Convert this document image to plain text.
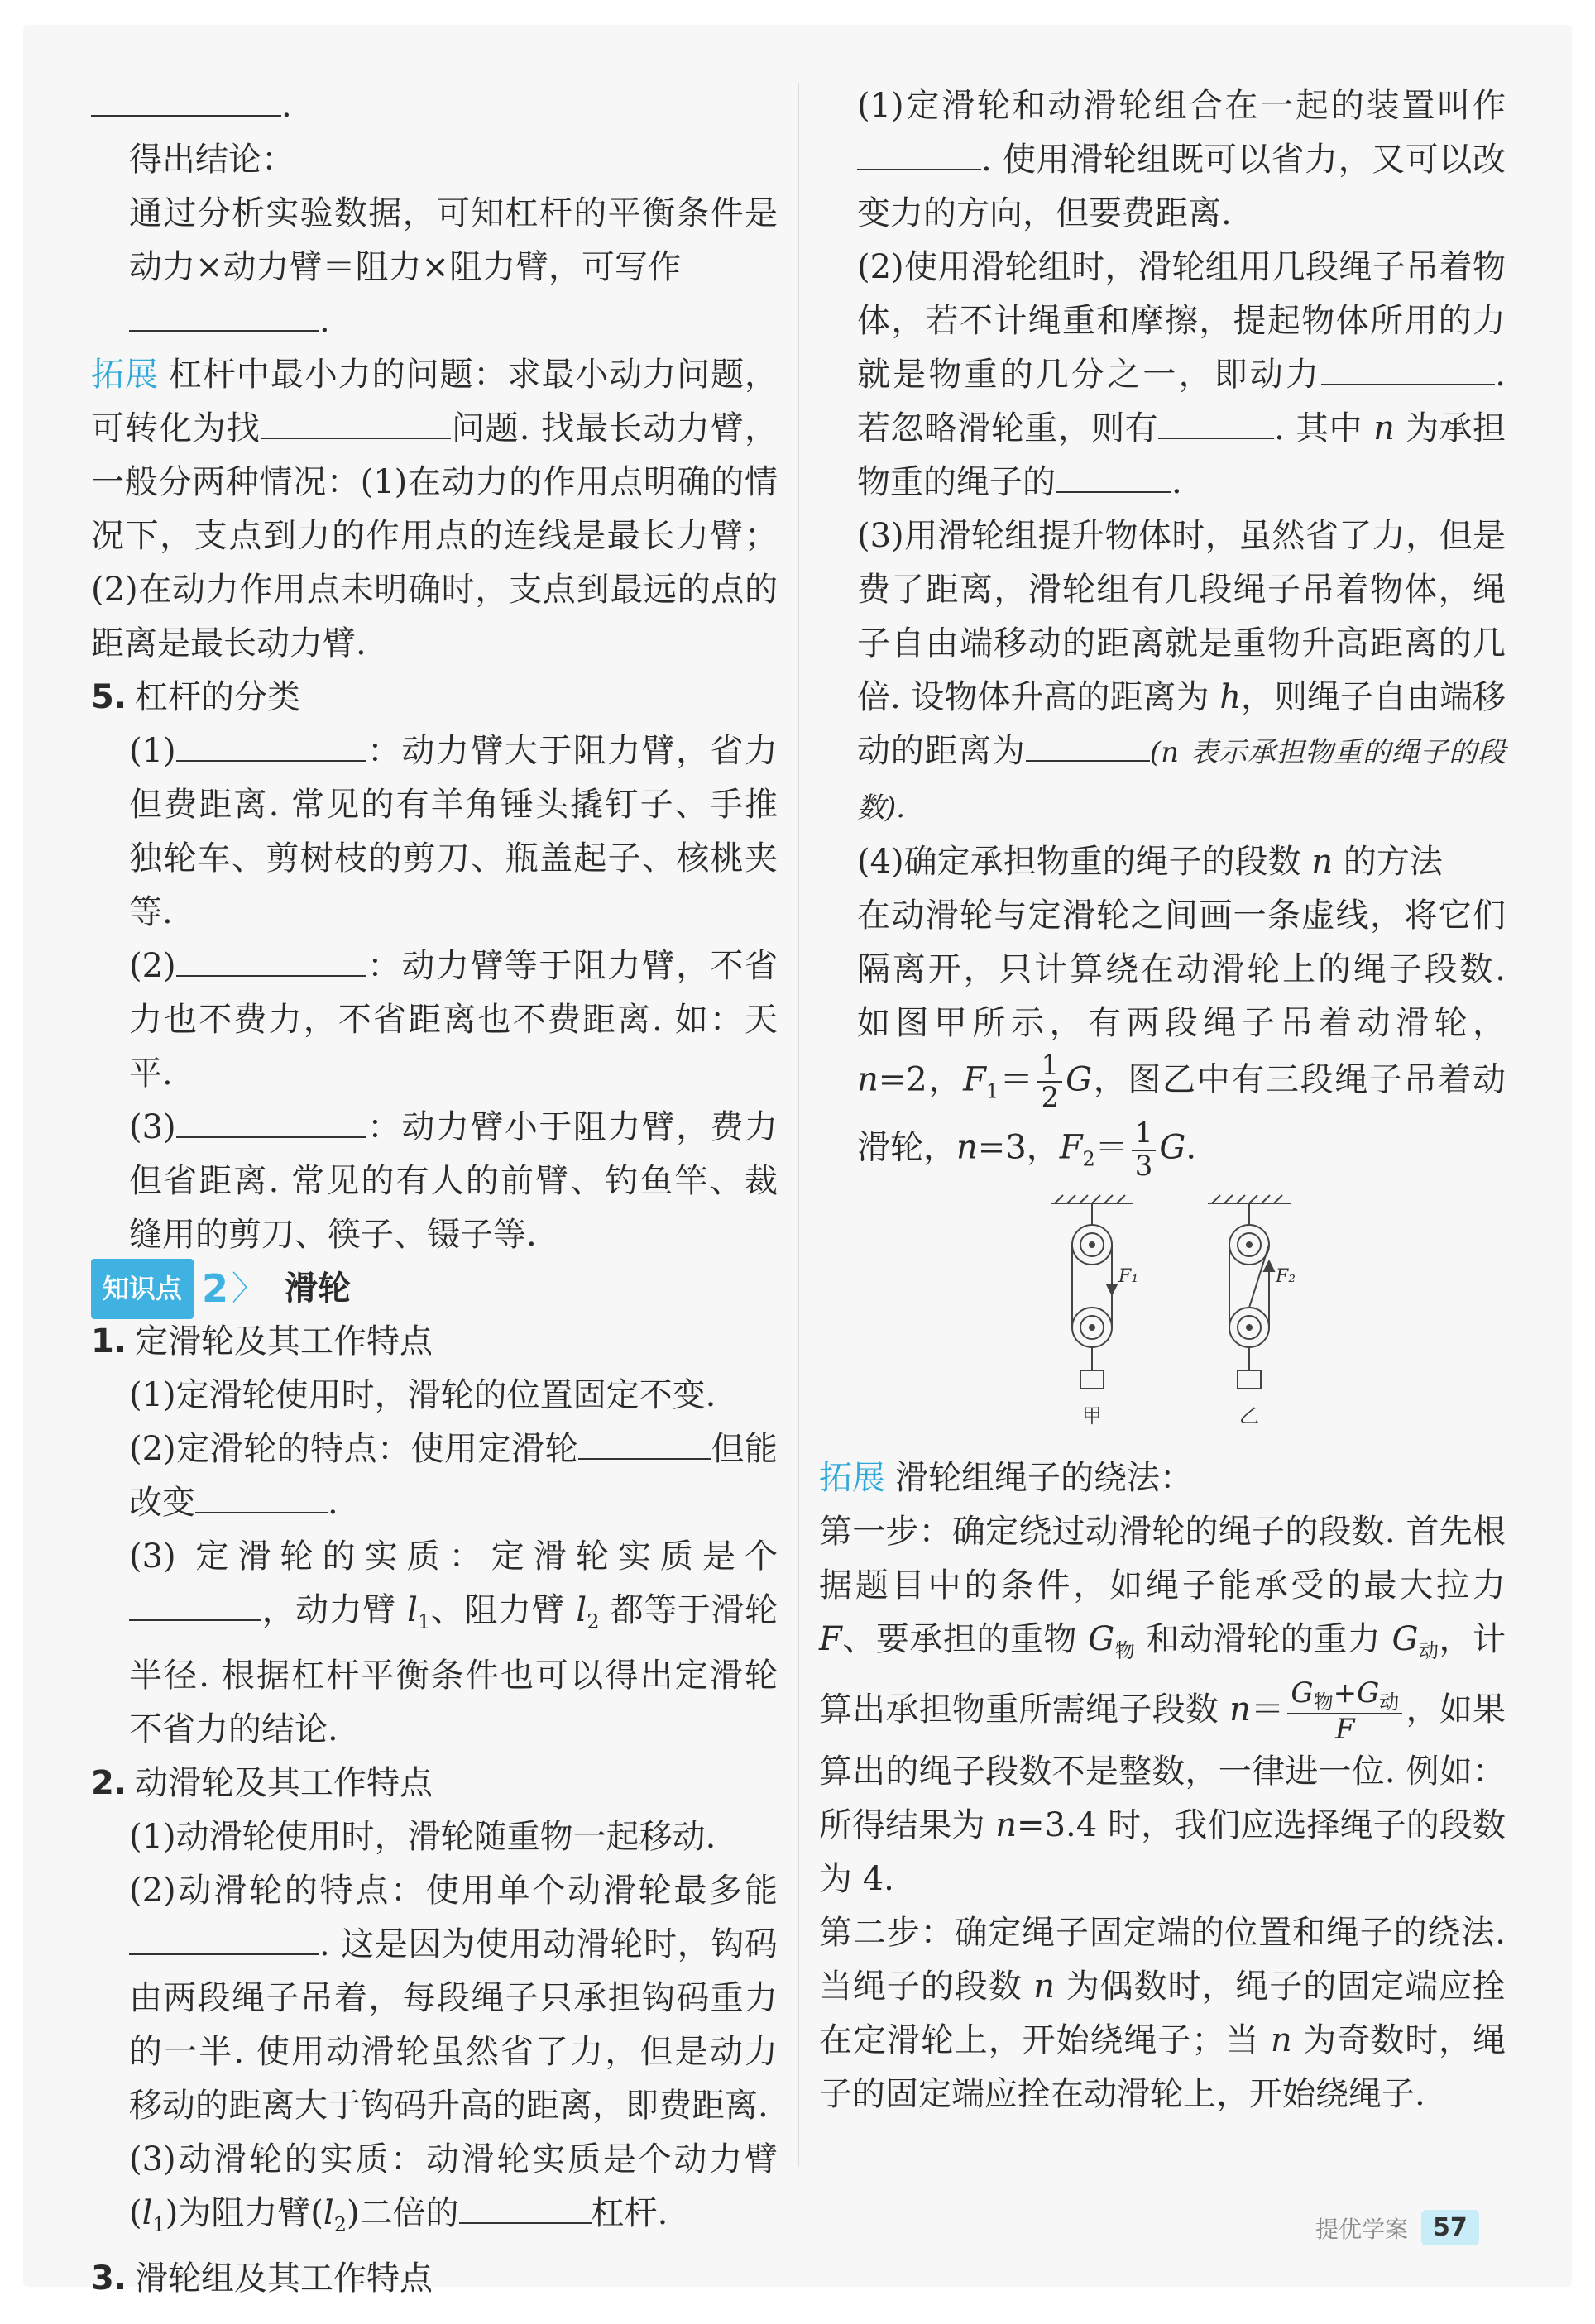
.

得出结论：

通过分析实验数据，可知杠杆的平衡条件是动力×动力臂＝阻力×阻力臂，可写作
.

拓展 杠杆中最小力的问题：求最小动力问题，可转化为找	问题. 找最长动力臂，一般分两种情况：(1)在动力的作用点明确的情况下，支点到力的作用点的连线是最长力臂；(2)在动力作用点未明确时，支点到最远的点的距离是最长动力臂.

5. 杠杆的分类

(1)	：动力臂大于阻力臂，省力但费距离. 常见的有羊角锤头撬钉子、手推独轮车、剪树枝的剪刀、瓶盖起子、核桃夹等.

(2)	：动力臂等于阻力臂，不省力也不费力，不省距离也不费距离. 如：天平.

(3)	：动力臂小于阻力臂，费力但省距离. 常见的有人的前臂、钓鱼竿、裁缝用的剪刀、筷子、镊子等.

知识点 2 〉 滑轮

1. 定滑轮及其工作特点

(1)定滑轮使用时，滑轮的位置固定不变.

(2)定滑轮的特点：使用定滑轮	但能改变	.

(3) 定滑轮的实质：定滑轮实质是个，动力臂 $l_1$、阻力臂 $l_2$ 都等于滑轮半径. 根据杠杆平衡条件也可以得出定滑轮不省力的结论.

2. 动滑轮及其工作特点

(1)动滑轮使用时，滑轮随重物一起移动.

(2)动滑轮的特点：使用单个动滑轮最多能. 这是因为使用动滑轮时，钩码由两段绳子吊着，每段绳子只承担钩码重力的一半. 使用动滑轮虽然省了力，但是动力移动的距离大于钩码升高的距离，即费距离.

(3)动滑轮的实质：动滑轮实质是个动力臂$(l_1)$为阻力臂$(l_2)$二倍的	杠杆.

3. 滑轮组及其工作特点

(1)定滑轮和动滑轮组合在一起的装置叫作. 使用滑轮组既可以省力，又可以改变力的方向，但要费距离.

(2)使用滑轮组时，滑轮组用几段绳子吊着物体，若不计绳重和摩擦，提起物体所用的力就是物重的几分之一，即动力	. 若忽略滑轮重，则有	. 其中 n 为承担物重的绳子的	.

(3)用滑轮组提升物体时，虽然省了力，但是费了距离，滑轮组有几段绳子吊着物体，绳子自由端移动的距离就是重物升高距离的几倍. 设物体升高的距离为 h，则绳子自由端移动的距离为	(n 表示承担物重的绳子的段数).

(4)确定承担物重的绳子的段数 n 的方法

在动滑轮与定滑轮之间画一条虚线，将它们隔离开，只计算绕在动滑轮上的绳子段数. 如图甲所示，有两段绳子吊着动滑轮，n=2，$F_1= \frac{1}{2}$ G，图乙中有三段绳子吊着动滑轮，n=3，$F_2= \frac{1}{3} G$.

F₁	F₂
甲	乙

拓展 滑轮组绳子的绕法：

第一步：确定绕过动滑轮的绳子的段数. 首先根据题目中的条件，如绳子能承受的最大拉力 F、要承担的重物 $G_物$ 和动滑轮的重力 $G_动$，计算出承担物重所需绳子段数 $n= \frac{G_物+G_动}{F}$ ，如果算出的绳子段数不是整数，一律进一位. 例如：所得结果为 n=3.4 时，我们应选择绳子的段数为 4.

第二步：确定绳子固定端的位置和绳子的绕法. 当绳子的段数 n 为偶数时，绳子的固定端应拴在定滑轮上，开始绕绳子；当 n 为奇数时，绳子的固定端应拴在动滑轮上，开始绕绳子.

提优学案	57
